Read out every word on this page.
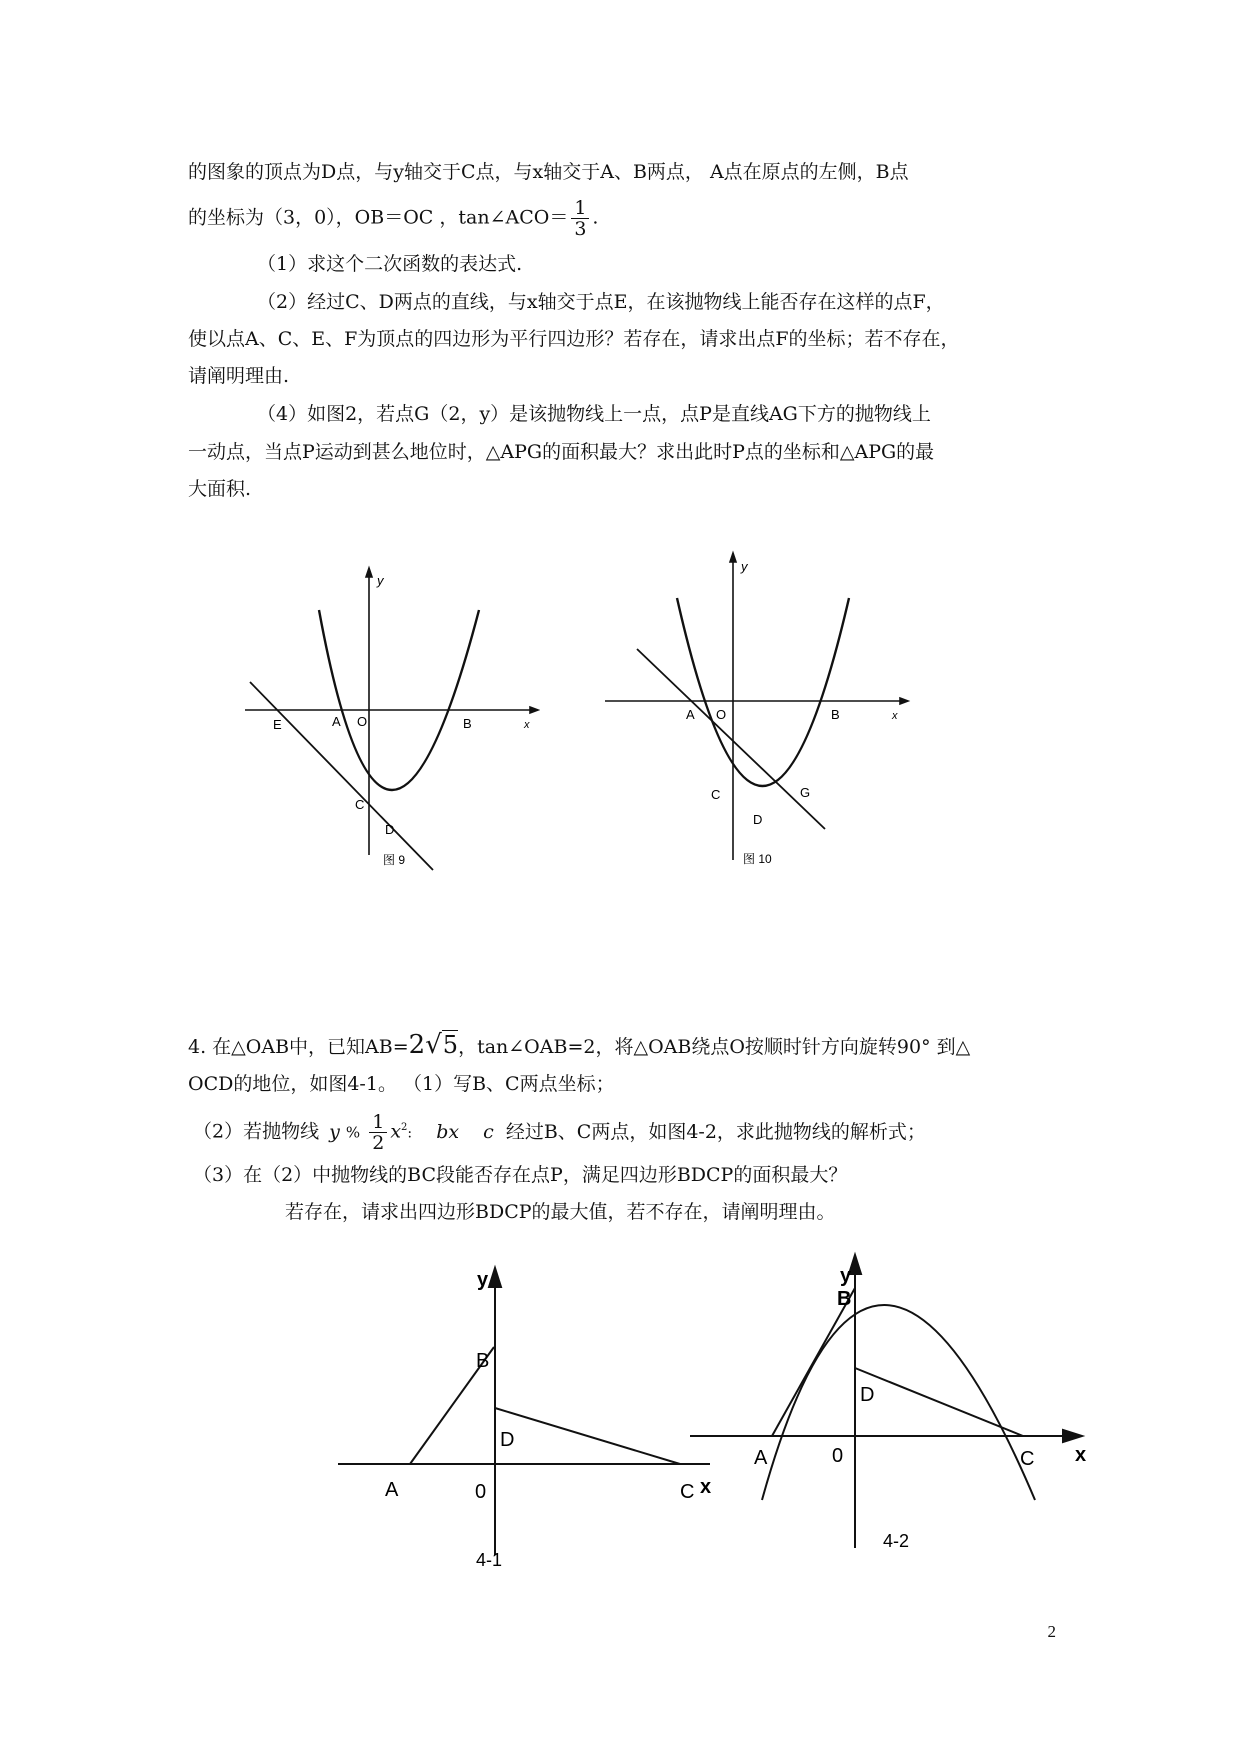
的图象的顶点为D点，与y轴交于C点，与x轴交于A、B两点， A点在原点的左侧，B点
的坐标为（3，0），OB＝OC ，tan∠ACO＝ $\frac{1}{3}$ .
（1）求这个二次函数的表达式.
（2）经过C、D两点的直线，与x轴交于点E，在该抛物线上能否存在这样的点F，
使以点A、C、E、F为顶点的四边形为平行四边形？若存在，请求出点F的坐标；若不存在，
请阐明理由.
（4）如图2，若点G（2，y）是该抛物线上一点，点P是直线AG下方的抛物线上
一动点，当点P运动到甚么地位时，△APG的面积最大？求出此时P点的坐标和△APG的最
大面积.
y
x
E	A O	B
C
D
图 9
y
x
A O	B
C	G
D
图 10
4. 在△OAB中，已知AB=2√5，tan∠OAB=2，将△OAB绕点O按顺时针方向旋转90° 到△
OCD的地位，如图4-1。 （1）写B、C两点坐标；
（2）若抛物线 y % $\frac{1}{2} x^2$: bx c 经过B、C两点，如图4-2，求此抛物线的解析式；
（3）在（2）中抛物线的BC段能否存在点P，满足四边形BDCP的面积最大？
若存在，请求出四边形BDCP的最大值，若不存在，请阐明理由。
y
B
D
A	0	C x
4-1
y
B
D
A	0	C x
4-2
2
